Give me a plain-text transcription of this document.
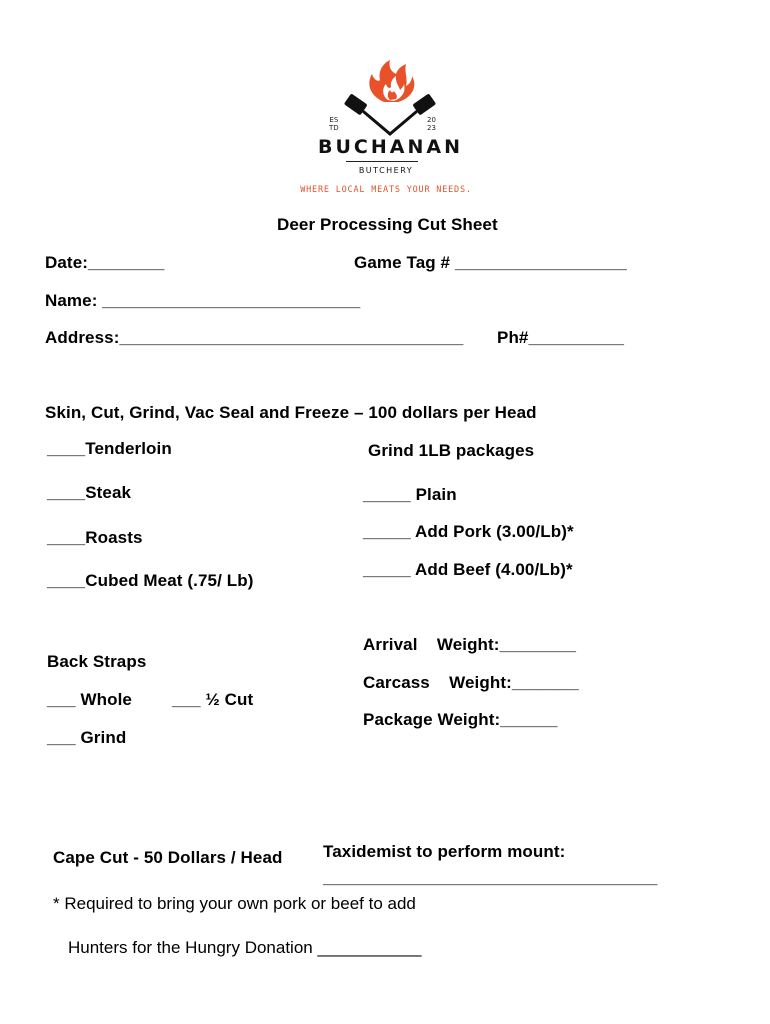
ES
TD
20
23
BUCHANAN
BUTCHERY
WHERE LOCAL MEATS YOUR NEEDS.
Deer Processing Cut Sheet
Date:________	Game Tag # __________________
Name: ___________________________
Address:____________________________________ Ph#__________
Skin, Cut, Grind, Vac Seal and Freeze – 100 dollars per Head
____Tenderloin
____Steak
____Roasts
____Cubed Meat (.75/ Lb)
Grind 1LB packages
_____ Plain
_____ Add Pork (3.00/Lb)*
_____ Add Beef (4.00/Lb)*
Back Straps
___ Whole ___ ½ Cut
___ Grind
Arrival    Weight:________
Carcass    Weight:_______
Package Weight:______
Cape Cut - 50 Dollars / Head Taxidemist to perform mount:
___________________________________
* Required to bring your own pork or beef to add
Hunters for the Hungry Donation ___________
